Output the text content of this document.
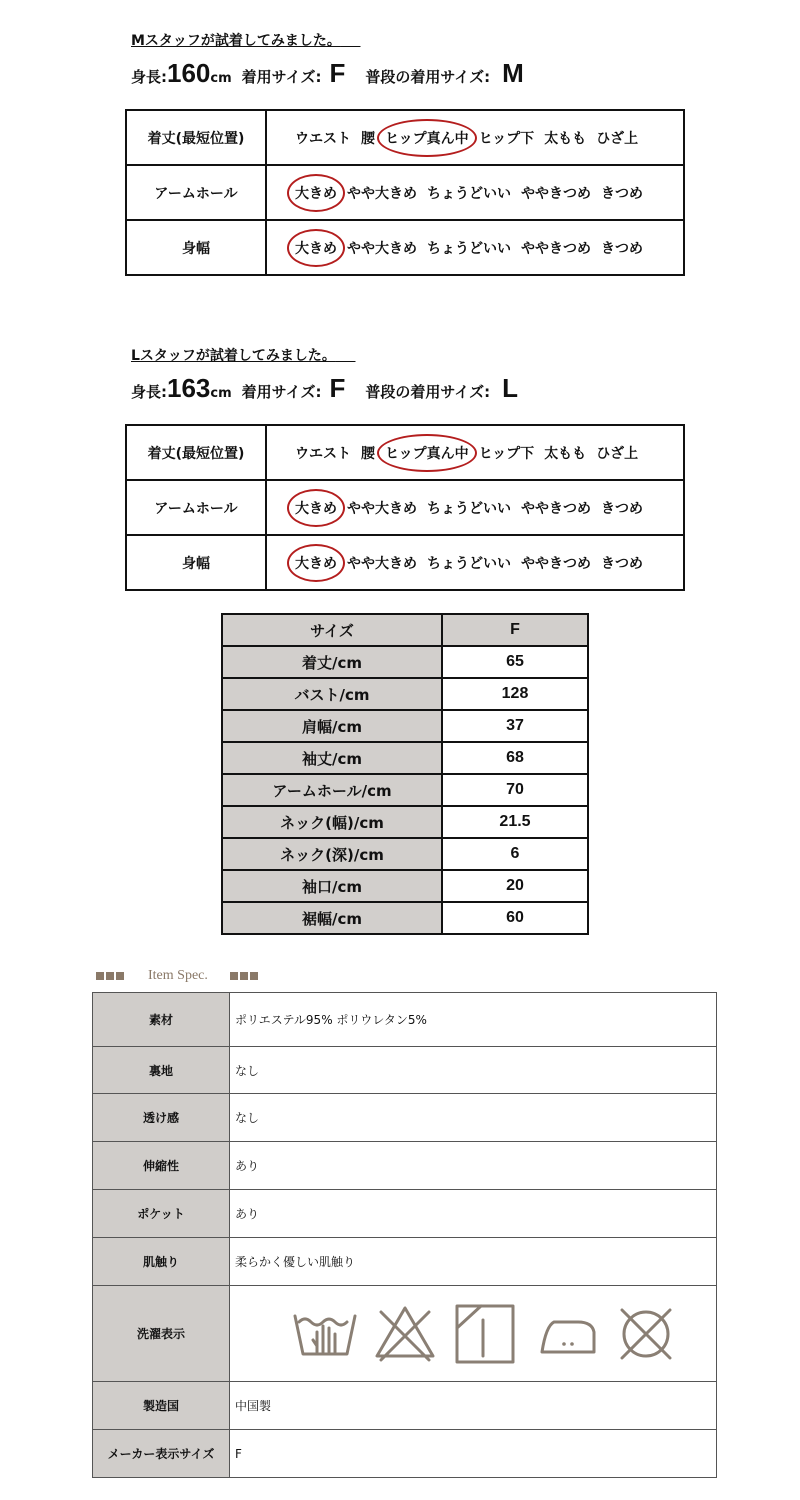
Mスタッフが試着してみました。
身長: 160 cm 着用サイズ: F 普段の着用サイズ: M
着丈(最短位置)	ウエスト 腰 ヒップ真ん中 ヒップ下 太もも ひざ上
アームホール	大きめ やや大きめ ちょうどいい ややきつめ きつめ
身幅	大きめ やや大きめ ちょうどいい ややきつめ きつめ
Lスタッフが試着してみました。
身長: 163 cm 着用サイズ: F 普段の着用サイズ: L
着丈(最短位置)	ウエスト 腰 ヒップ真ん中 ヒップ下 太もも ひざ上
アームホール	大きめ やや大きめ ちょうどいい ややきつめ きつめ
身幅	大きめ やや大きめ ちょうどいい ややきつめ きつめ
サイズ	F
着丈/cm	65
バスト/cm	128
肩幅/cm	37
袖丈/cm	68
アームホール/cm	70
ネック(幅)/cm	21.5
ネック(深)/cm	6
袖口/cm	20
裾幅/cm	60
Item Spec.
素材	ポリエステル95% ポリウレタン5%
裏地	なし
透け感	なし
伸縮性	あり
ポケット	あり
肌触り	柔らかく優しい肌触り
洗濯表示	

製造国	中国製
メーカー表示サイズ	F
